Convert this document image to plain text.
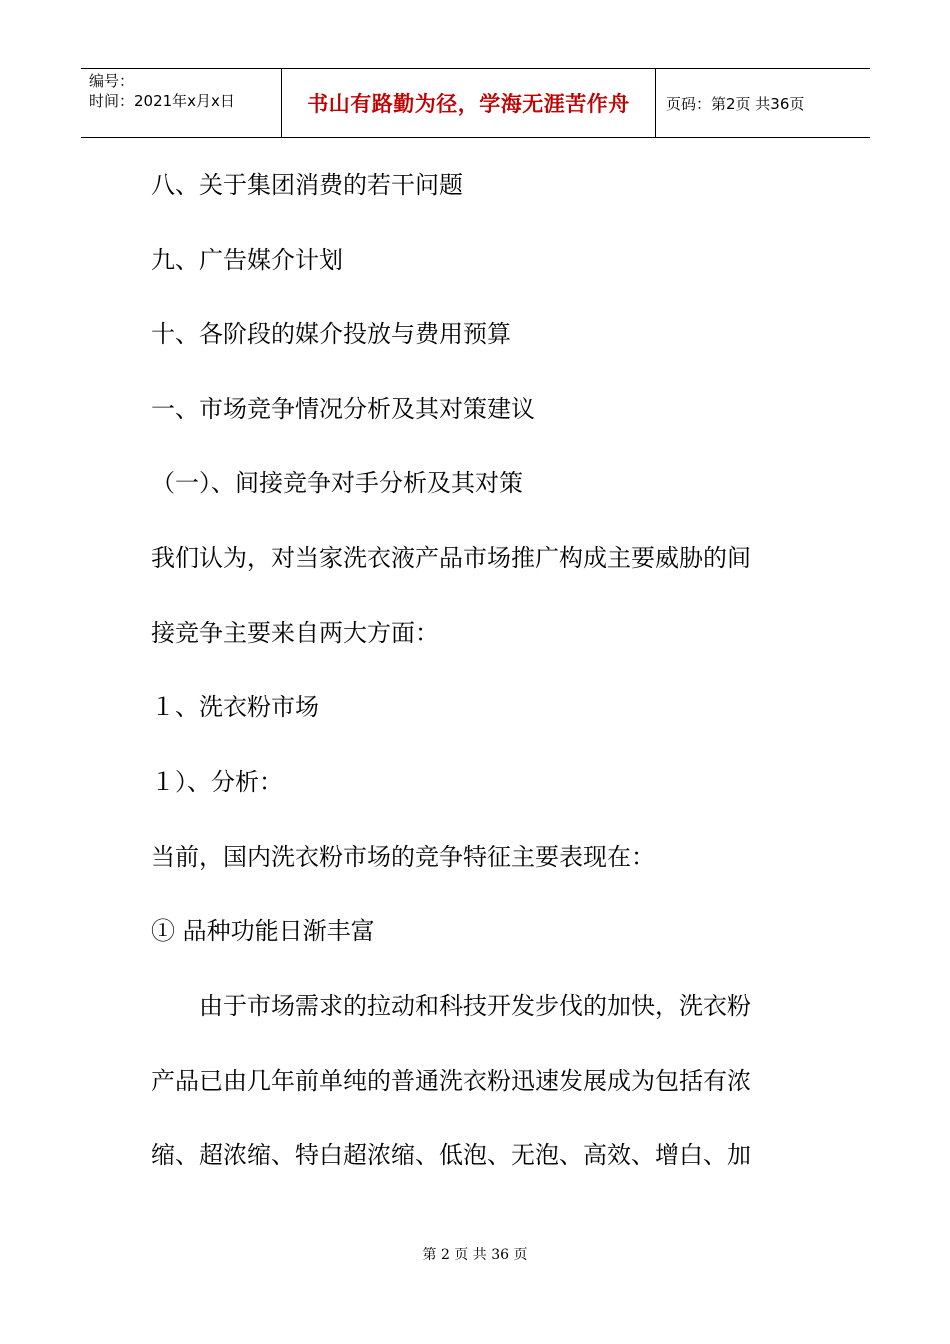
编号：
时间：2021年x月x日	书山有路勤为径，学海无涯苦作舟	页码：第2页 共36页
八、关于集团消费的若干问题
九、广告媒介计划
十、各阶段的媒介投放与费用预算
一、市场竞争情况分析及其对策建议
（一）、间接竞争对手分析及其对策
我们认为，对当家洗衣液产品市场推广构成主要威胁的间
接竞争主要来自两大方面：
１、洗衣粉市场
１）、分析：
当前，国内洗衣粉市场的竞争特征主要表现在：
① 品种功能日渐丰富
　　由于市场需求的拉动和科技开发步伐的加快，洗衣粉
产品已由几年前单纯的普通洗衣粉迅速发展成为包括有浓
缩、超浓缩、特白超浓缩、低泡、无泡、高效、增白、加
第 2 页 共 36 页
